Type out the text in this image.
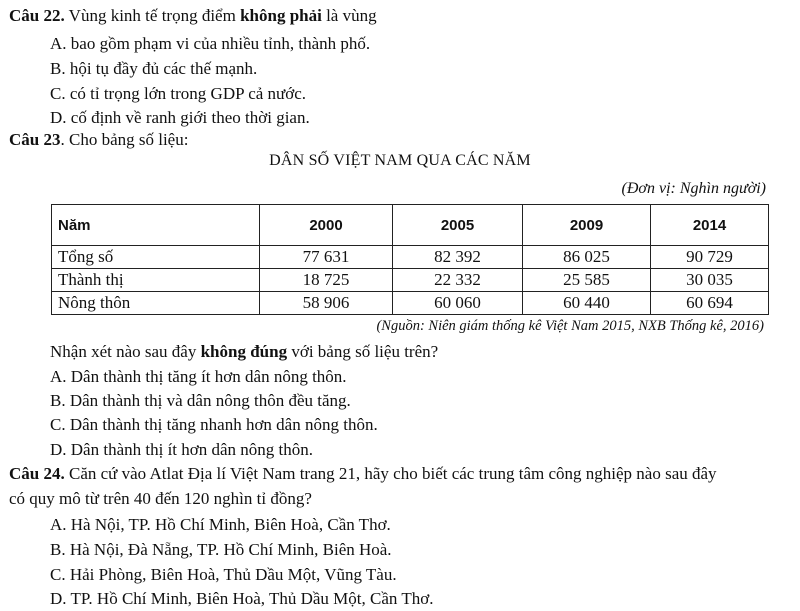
Câu 22. Vùng kinh tế trọng điểm không phải là vùng
A. bao gồm phạm vi của nhiều tỉnh, thành phố.
B. hội tụ đầy đủ các thế mạnh.
C. có tỉ trọng lớn trong GDP cả nước.
D. cố định về ranh giới theo thời gian.
Câu 23. Cho bảng số liệu:
DÂN SỐ VIỆT NAM QUA CÁC NĂM
(Đơn vị: Nghìn người)
Năm	2000	2005	2009	2014
Tổng số	77 631	82 392	86 025	90 729
Thành thị	18 725	22 332	25 585	30 035
Nông thôn	58 906	60 060	60 440	60 694
(Nguồn: Niên giám thống kê Việt Nam 2015, NXB Thống kê, 2016)
Nhận xét nào sau đây không đúng với bảng số liệu trên?
A. Dân thành thị tăng ít hơn dân nông thôn.
B. Dân thành thị và dân nông thôn đều tăng.
C. Dân thành thị tăng nhanh hơn dân nông thôn.
D. Dân thành thị ít hơn dân nông thôn.
Câu 24. Căn cứ vào Atlat Địa lí Việt Nam trang 21, hãy cho biết các trung tâm công nghiệp nào sau đây
có quy mô từ trên 40 đến 120 nghìn tỉ đồng?
A. Hà Nội, TP. Hồ Chí Minh, Biên Hoà, Cần Thơ.
B. Hà Nội, Đà Nẵng, TP. Hồ Chí Minh, Biên Hoà.
C. Hải Phòng, Biên Hoà, Thủ Dầu Một, Vũng Tàu.
D. TP. Hồ Chí Minh, Biên Hoà, Thủ Dầu Một, Cần Thơ.
